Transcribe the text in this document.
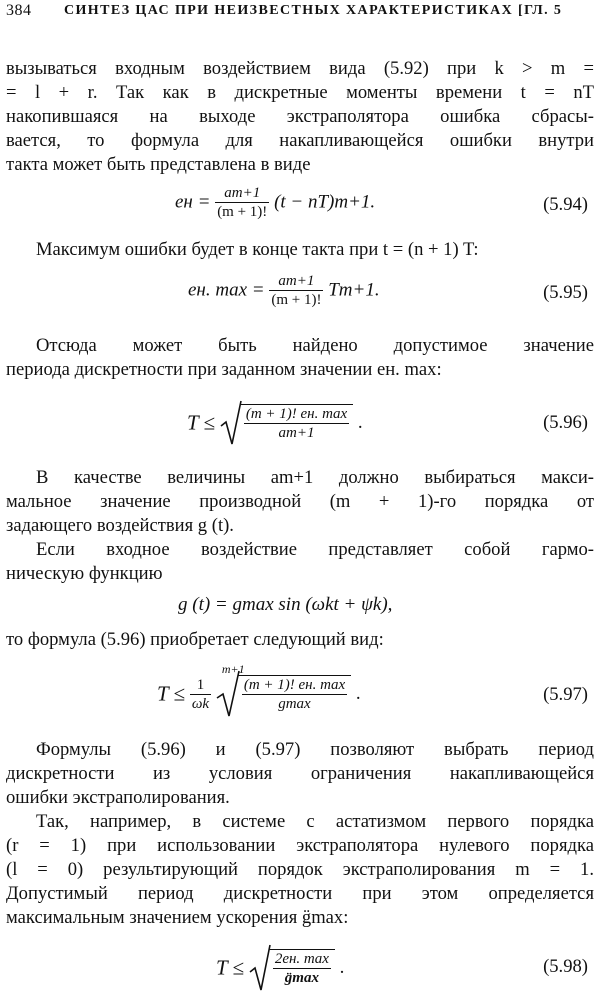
384 СИНТЕЗ ЦАС ПРИ НЕИЗВЕСТНЫХ ХАРАКТЕРИСТИКАХ [ГЛ. 5
вызываться входным воздействием вида (5.92) при k > m =
= l + r. Так как в дискретные моменты времени t = nT
накопившаяся на выходе экстраполятора ошибка сбрасы-
вается, то формула для накапливающейся ошибки внутри
такта может быть представлена в виде
eн = $\frac{am+1}{(m + 1)!} (t - nT)m+1$.	(5.94)
Максимум ошибки будет в конце такта при t = (n + 1) T:
eн. $\max = \frac{am+1}{(m + 1)!} Tm+1$.	(5.95)
Отсюда может быть найдено допустимое значение
периода дискретности при заданном значении eн. max:
$T \le \frac{(m + 1)! eн. \max}{am+1}$ .	(5.96)
В качестве величины am+1 должно выбираться макси-
мальное значение производной (m + 1)-го порядка от
задающего воздействия g (t).
Если входное воздействие представляет собой гармо-
ническую функцию
g (t) = gmax sin (ωkt + ψk),
то формула (5.96) приобретает следующий вид:
$T \le \frac{1}{\omega k}$

m+1
$\frac{(m + 1)! eн. \max}{gmax}$ .	(5.97)
Формулы (5.96) и (5.97) позволяют выбрать период
дискретности из условия ограничения накапливающейся
ошибки экстраполирования.
Так, например, в системе с астатизмом первого порядка
(r = 1) при использовании экстраполятора нулевого порядка
(l = 0) результирующий порядок экстраполирования m = 1.
Допустимый период дискретности при этом определяется
максимальным значением ускорения g̈max:
$T \le \frac{2eн. \max}{g̈\max}$ .	(5.98)
